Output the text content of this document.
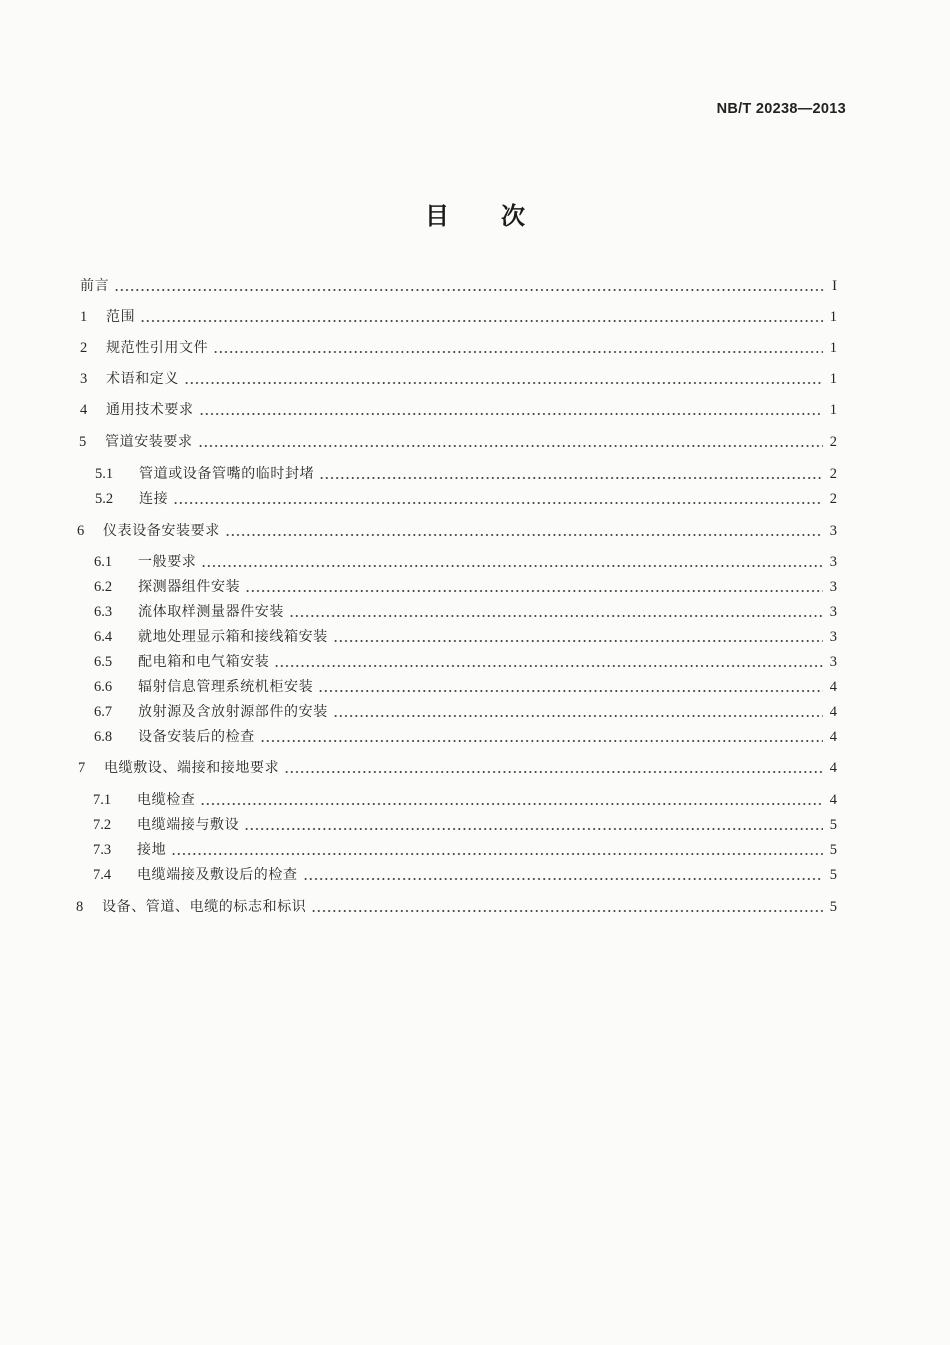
NB/T 20238—2013
目次
前言	I
1	范围	1
2	规范性引用文件	1
3	术语和定义	1
4	通用技术要求	1
5	管道安装要求	2
5.1	管道或设备管嘴的临时封堵	2
5.2	连接	2
6	仪表设备安装要求	3
6.1	一般要求	3
6.2	探测器组件安装	3
6.3	流体取样测量器件安装	3
6.4	就地处理显示箱和接线箱安装	3
6.5	配电箱和电气箱安装	3
6.6	辐射信息管理系统机柜安装	4
6.7	放射源及含放射源部件的安装	4
6.8	设备安装后的检查	4
7	电缆敷设、端接和接地要求	4
7.1	电缆检查	4
7.2	电缆端接与敷设	5
7.3	接地	5
7.4	电缆端接及敷设后的检查	5
8	设备、管道、电缆的标志和标识	5
